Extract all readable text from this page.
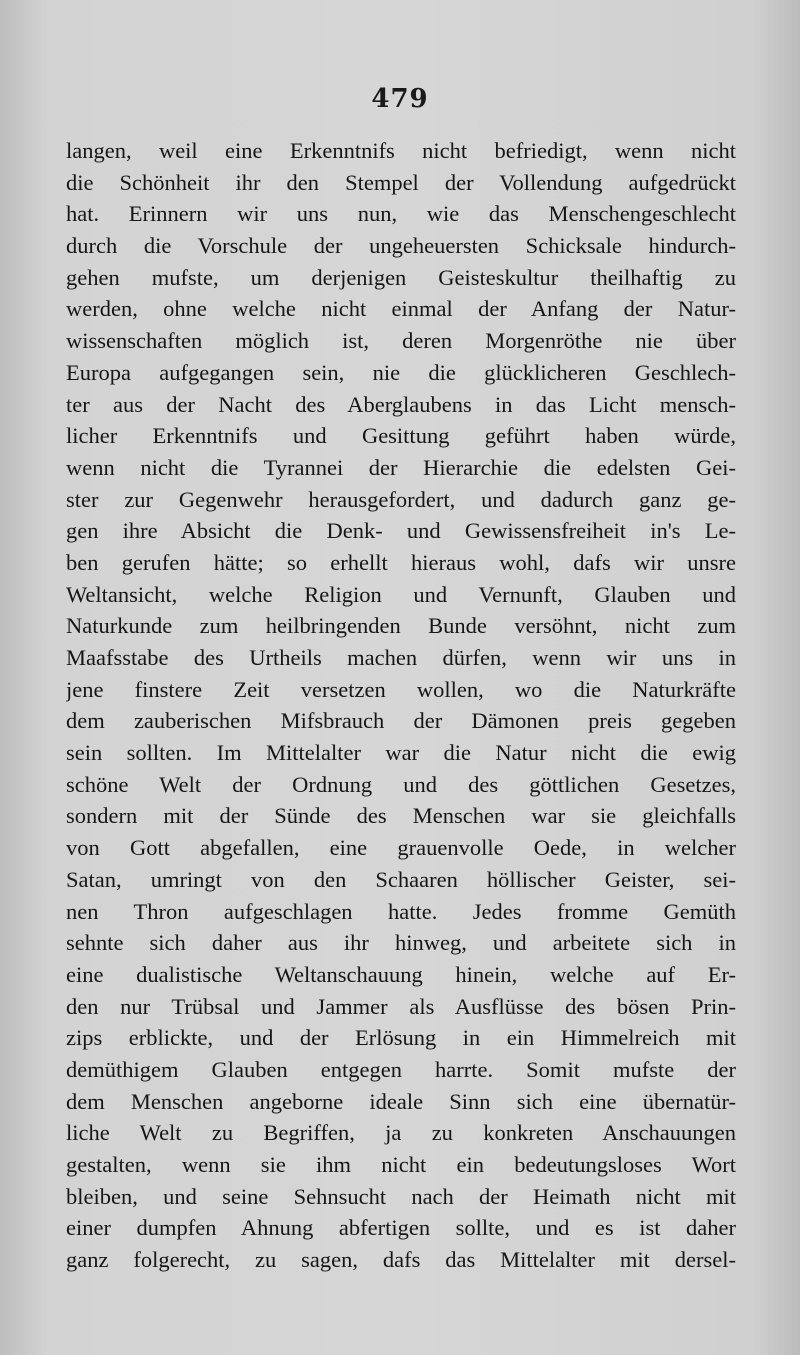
479
langen, weil eine Erkenntnifs nicht befriedigt, wenn nicht
die Schönheit ihr den Stempel der Vollendung aufgedrückt
hat. Erinnern wir uns nun, wie das Menschengeschlecht
durch die Vorschule der ungeheuersten Schicksale hindurch-
gehen mufste, um derjenigen Geisteskultur theilhaftig zu
werden, ohne welche nicht einmal der Anfang der Natur-
wissenschaften möglich ist, deren Morgenröthe nie über
Europa aufgegangen sein, nie die glücklicheren Geschlech-
ter aus der Nacht des Aberglaubens in das Licht mensch-
licher Erkenntnifs und Gesittung geführt haben würde,
wenn nicht die Tyrannei der Hierarchie die edelsten Gei-
ster zur Gegenwehr herausgefordert, und dadurch ganz ge-
gen ihre Absicht die Denk- und Gewissensfreiheit in's Le-
ben gerufen hätte; so erhellt hieraus wohl, dafs wir unsre
Weltansicht, welche Religion und Vernunft, Glauben und
Naturkunde zum heilbringenden Bunde versöhnt, nicht zum
Maafsstabe des Urtheils machen dürfen, wenn wir uns in
jene finstere Zeit versetzen wollen, wo die Naturkräfte
dem zauberischen Mifsbrauch der Dämonen preis gegeben
sein sollten. Im Mittelalter war die Natur nicht die ewig
schöne Welt der Ordnung und des göttlichen Gesetzes,
sondern mit der Sünde des Menschen war sie gleichfalls
von Gott abgefallen, eine grauenvolle Oede, in welcher
Satan, umringt von den Schaaren höllischer Geister, sei-
nen Thron aufgeschlagen hatte. Jedes fromme Gemüth
sehnte sich daher aus ihr hinweg, und arbeitete sich in
eine dualistische Weltanschauung hinein, welche auf Er-
den nur Trübsal und Jammer als Ausflüsse des bösen Prin-
zips erblickte, und der Erlösung in ein Himmelreich mit
demüthigem Glauben entgegen harrte. Somit mufste der
dem Menschen angeborne ideale Sinn sich eine übernatür-
liche Welt zu Begriffen, ja zu konkreten Anschauungen
gestalten, wenn sie ihm nicht ein bedeutungsloses Wort
bleiben, und seine Sehnsucht nach der Heimath nicht mit
einer dumpfen Ahnung abfertigen sollte, und es ist daher
ganz folgerecht, zu sagen, dafs das Mittelalter mit dersel-
